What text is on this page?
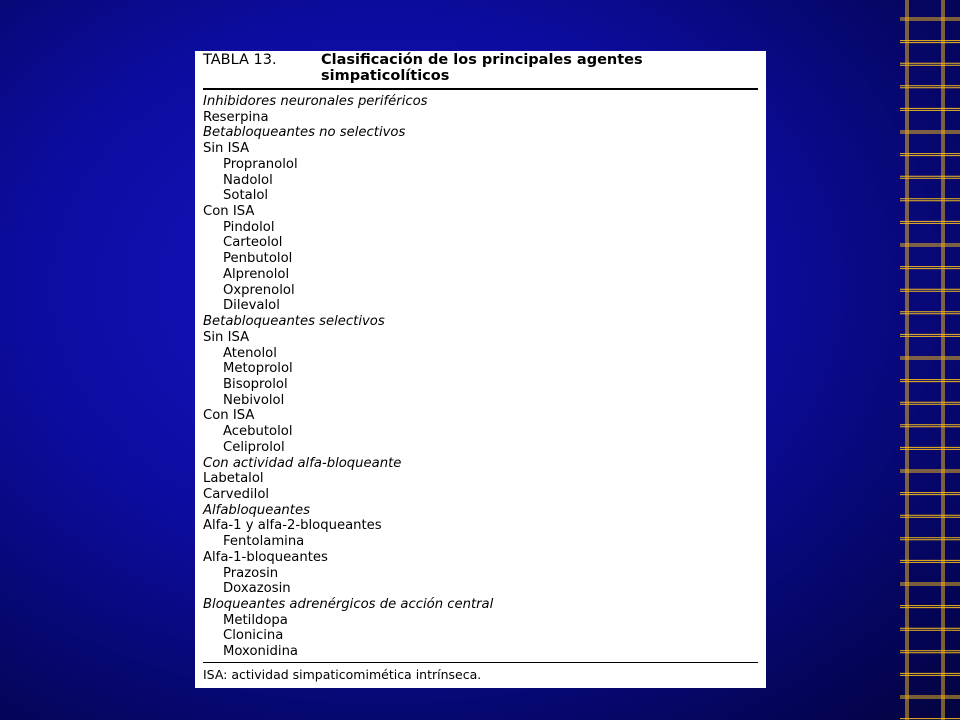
TABLA 13.	Clasificación de los principales agentes
simpaticolíticos
Inhibidores neuronales periféricos
Reserpina
Betabloqueantes no selectivos
Sin ISA
Propranolol
Nadolol
Sotalol
Con ISA
Pindolol
Carteolol
Penbutolol
Alprenolol
Oxprenolol
Dilevalol
Betabloqueantes selectivos
Sin ISA
Atenolol
Metoprolol
Bisoprolol
Nebivolol
Con ISA
Acebutolol
Celiprolol
Con actividad alfa-bloqueante
Labetalol
Carvedilol
Alfabloqueantes
Alfa-1 y alfa-2-bloqueantes
Fentolamina
Alfa-1-bloqueantes
Prazosin
Doxazosin
Bloqueantes adrenérgicos de acción central
Metildopa
Clonicina
Moxonidina
ISA: actividad simpaticomimética intrínseca.
